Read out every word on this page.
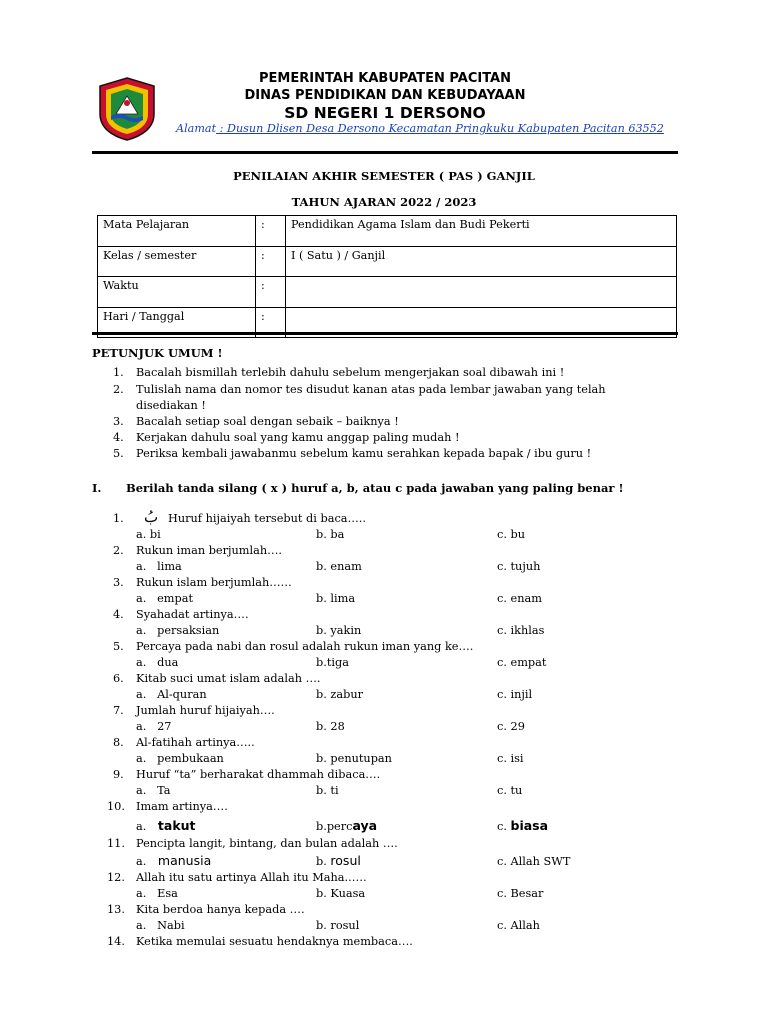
PEMERINTAH KABUPATEN PACITAN
DINAS PENDIDIKAN DAN KEBUDAYAAN
SD NEGERI 1 DERSONO
Alamat : Dusun Dlisen Desa Dersono Kecamatan Pringkuku Kabupaten Pacitan 63552
PENILAIAN AKHIR SEMESTER ( PAS ) GANJIL
TAHUN AJARAN 2022 / 2023
Mata Pelajaran	:	Pendidikan Agama Islam dan Budi Pekerti
Kelas / semester	:	I ( Satu ) / Ganjil
Waktu	:	
Hari / Tanggal	:	
PETUNJUK UMUM !
1. Bacalah bismillah terlebih dahulu sebelum mengerjakan soal dibawah ini !
2. Tulislah nama dan nomor tes disudut kanan atas pada lembar jawaban yang telah
disediakan !
3. Bacalah setiap soal dengan sebaik – baiknya !
4. Kerjakan dahulu soal yang kamu anggap paling mudah !
5. Periksa kembali jawabanmu sebelum kamu serahkan kepada bapak / ibu guru !
I. Berilah tanda silang ( x ) huruf a, b, atau c pada jawaban yang paling benar !
1. بُ Huruf hijaiyah tersebut di baca…..
a. bi	b. ba	c. bu
2. Rukun iman berjumlah….
a.   lima	b. enam	c. tujuh
3. Rukun islam berjumlah……
a.   empat	b. lima	c. enam
4. Syahadat artinya….
a.   persaksian	b. yakin	c. ikhlas
5. Percaya pada nabi dan rosul adalah rukun iman yang ke….
a.   dua	b.tiga	c. empat
6. Kitab suci umat islam adalah ….
a.   Al-quran	b. zabur	c. injil
7. Jumlah huruf hijaiyah….
a.   27	b. 28	c. 29
8. Al-fatihah artinya…..
a.   pembukaan	b. penutupan	c. isi
9. Huruf “ta” berharakat dhammah dibaca….
a.   Ta	b. ti	c. tu
10. Imam artinya….
a. takut	b.percaya	c. biasa
11. Pencipta langit, bintang, dan bulan adalah ….
a. manusia	b. rosul	c. Allah SWT
12. Allah itu satu artinya Allah itu Maha..….
a.   Esa	b. Kuasa	c. Besar
13. Kita berdoa hanya kepada ….
a.   Nabi	b. rosul	c. Allah
14. Ketika memulai sesuatu hendaknya membaca….
